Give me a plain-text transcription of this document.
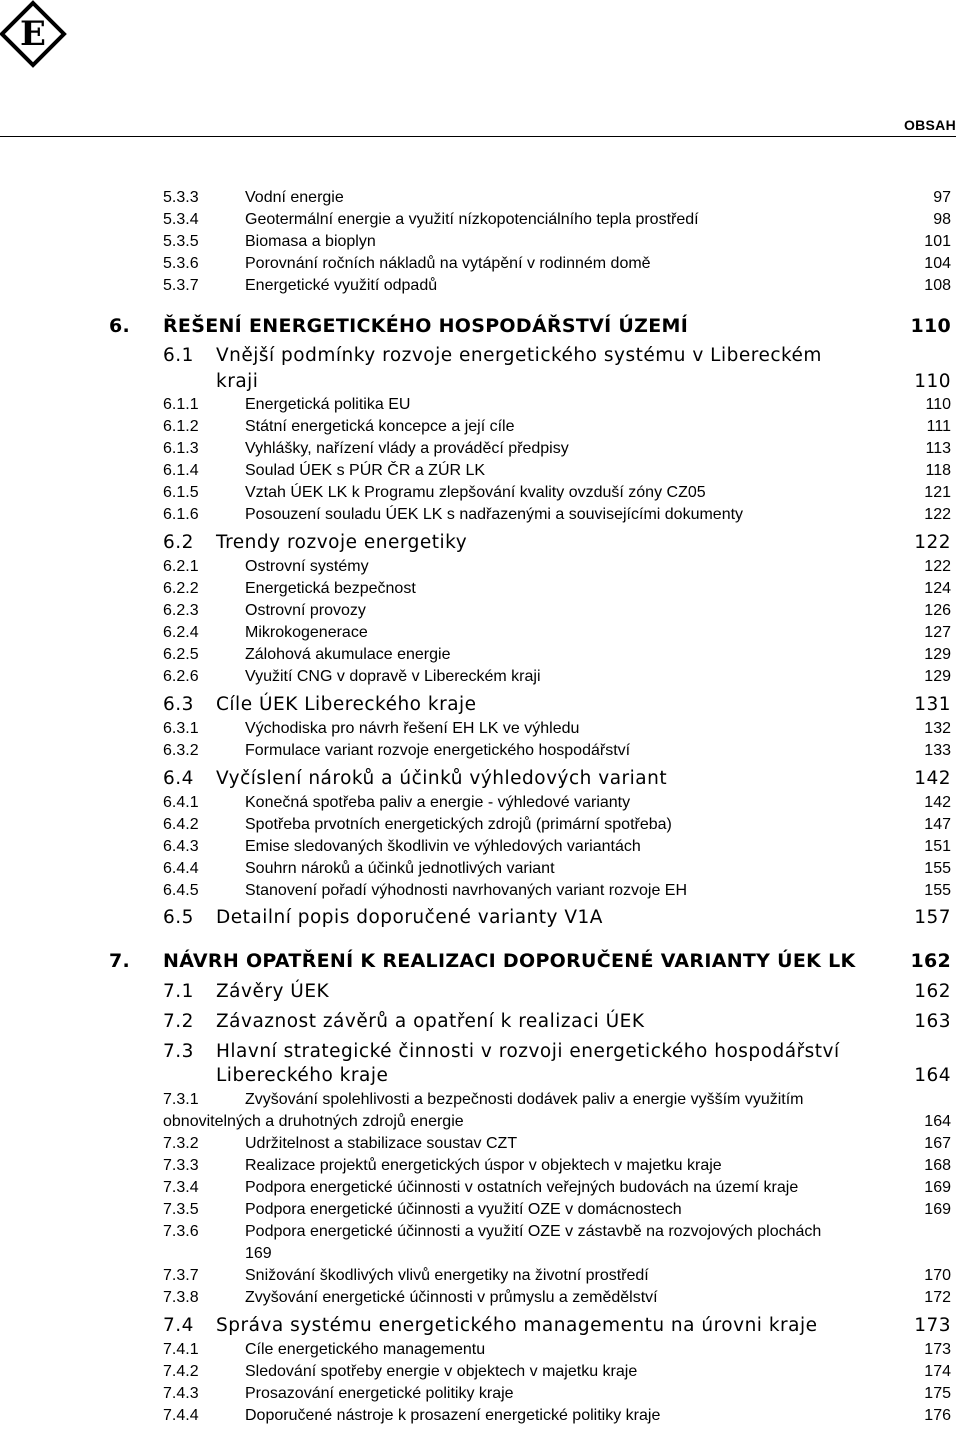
E
OBSAH
5.3.3	Vodní energie	97
5.3.4	Geotermální energie a využití nízkopotenciálního tepla prostředí	98
5.3.5	Biomasa a bioplyn	101
5.3.6	Porovnání ročních nákladů na vytápění v rodinném domě	104
5.3.7	Energetické využití odpadů	108
6. ŘEŠENÍ ENERGETICKÉHO HOSPODÁŘSTVÍ ÚZEMÍ	110
6.1 Vnější podmínky rozvoje energetického systému v Libereckém
kraji	110
6.1.1	Energetická politika EU	110
6.1.2	Státní energetická koncepce a její cíle	111
6.1.3	Vyhlášky, nařízení vlády a prováděcí předpisy	113
6.1.4	Soulad ÚEK s PÚR ČR a ZÚR LK	118
6.1.5	Vztah ÚEK LK k Programu zlepšování kvality ovzduší zóny CZ05	121
6.1.6	Posouzení souladu ÚEK LK s nadřazenými a souvisejícími dokumenty	122
6.2 Trendy rozvoje energetiky	122
6.2.1	Ostrovní systémy	122
6.2.2	Energetická bezpečnost	124
6.2.3	Ostrovní provozy	126
6.2.4	Mikrokogenerace	127
6.2.5	Zálohová akumulace energie	129
6.2.6	Využití CNG v dopravě v Libereckém kraji	129
6.3 Cíle ÚEK Libereckého kraje	131
6.3.1	Východiska pro návrh řešení EH LK ve výhledu	132
6.3.2	Formulace variant rozvoje energetického hospodářství	133
6.4 Vyčíslení nároků a účinků výhledových variant	142
6.4.1	Konečná spotřeba paliv a energie - výhledové varianty	142
6.4.2	Spotřeba prvotních energetických zdrojů (primární spotřeba)	147
6.4.3	Emise sledovaných škodlivin ve výhledových variantách	151
6.4.4	Souhrn nároků a účinků jednotlivých variant	155
6.4.5	Stanovení pořadí výhodnosti navrhovaných variant rozvoje EH	155
6.5 Detailní popis doporučené varianty V1A	157
7. NÁVRH OPATŘENÍ K REALIZACI DOPORUČENÉ VARIANTY ÚEK LK	162
7.1 Závěry ÚEK	162
7.2 Závaznost závěrů a opatření k realizaci ÚEK	163
7.3 Hlavní strategické činnosti v rozvoji energetického hospodářství
Libereckého kraje	164
7.3.1	Zvyšování spolehlivosti a bezpečnosti dodávek paliv a energie vyšším využitím
obnovitelných a druhotných zdrojů energie	164
7.3.2	Udržitelnost a stabilizace soustav CZT	167
7.3.3	Realizace projektů energetických úspor v objektech v majetku kraje	168
7.3.4	Podpora energetické účinnosti v ostatních veřejných budovách na území kraje	169
7.3.5	Podpora energetické účinnosti a využití OZE v domácnostech	169
7.3.6	Podpora energetické účinnosti a využití OZE v zástavbě na rozvojových plochách
169
7.3.7	Snižování škodlivých vlivů energetiky na životní prostředí	170
7.3.8	Zvyšování energetické účinnosti v průmyslu a zemědělství	172
7.4 Správa systému energetického managementu na úrovni kraje	173
7.4.1	Cíle energetického managementu	173
7.4.2	Sledování spotřeby energie v objektech v majetku kraje	174
7.4.3	Prosazování energetické politiky kraje	175
7.4.4	Doporučené nástroje k prosazení energetické politiky kraje	176
